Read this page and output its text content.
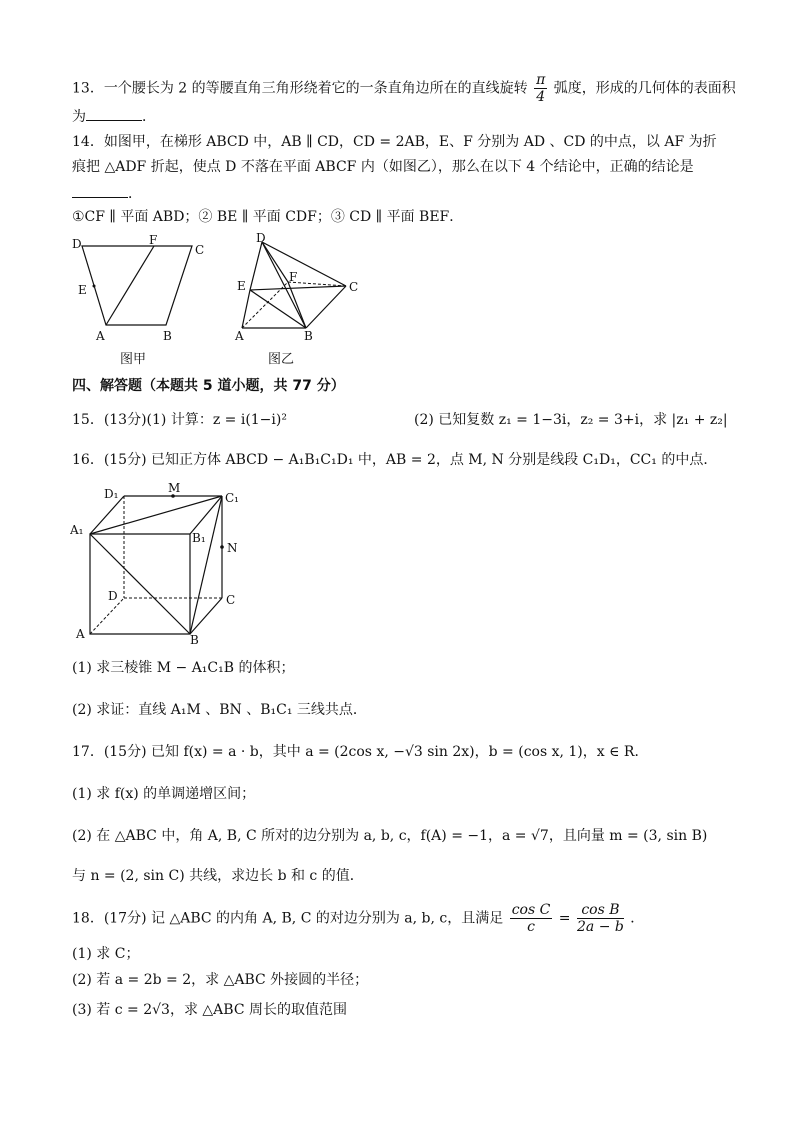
13．一个腰长为 2 的等腰直角三角形绕着它的一条直角边所在的直线旋转 $\frac{\pi}{4}$ 弧度，形成的几何体的表面积
为	．
14．如图甲，在梯形 ABCD 中，AB ∥ CD，CD = 2AB，E、F 分别为 AD 、CD 的中点，以 AF 为折
痕把 △ADF 折起，使点 D 不落在平面 ABCF 内（如图乙），那么在以下 4 个结论中，正确的结论是
．
①CF ∥ 平面 ABD；② BE ∥ 平面 CDF；③ CD ∥ 平面 BEF．
D	F
C
E
A	B
图甲
D
F
C
E
A	B
图乙
四、解答题（本题共 5 道小题，共 77 分）
15．(13分)(1) 计算：z = i(1−i)²	(2) 已知复数 z₁ = 1−3i，z₂ = 3+i，求 |z₁ + z₂|
16．(15分) 已知正方体 ABCD − A₁B₁C₁D₁ 中，AB = 2，点 M, N 分别是线段 C₁D₁，CC₁ 的中点．
D₁	M
C₁
A₁
B₁
N
D	C
A	B
(1) 求三棱锥 M − A₁C₁B 的体积；
(2) 求证：直线 A₁M 、BN 、B₁C₁ 三线共点．
17．(15分) 已知 f(x) = a · b，其中 a = (2cos x, −√3 sin 2x)，b = (cos x, 1)，x ∈ R．
(1) 求 f(x) 的单调递增区间；
(2) 在 △ABC 中，角 A, B, C 所对的边分别为 a, b, c，f(A) = −1，a = √7，且向量 m = (3, sin B)
与 n = (2, sin C) 共线，求边长 b 和 c 的值．
18．(17分) 记 △ABC 的内角 A, B, C 的对边分别为 a, b, c，且满足 $\frac{\text{cos C}}{c} = \frac{\text{cos B}}{2a - b}$ ．
(1) 求 C；
(2) 若 a = 2b = 2，求 △ABC 外接圆的半径；
(3) 若 c = 2√3，求 △ABC 周长的取值范围
